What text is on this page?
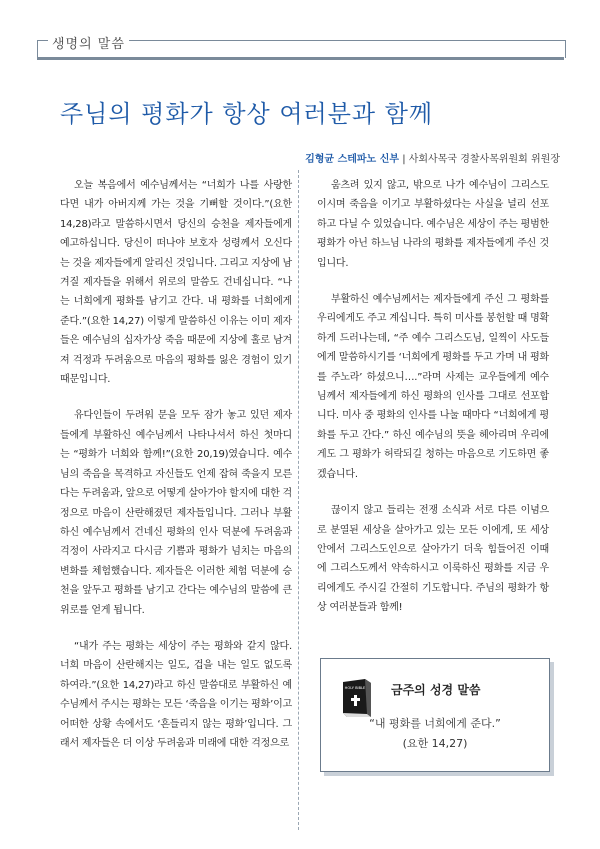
생명의 말씀
주님의 평화가 항상 여러분과 함께
김형균 스테파노 신부 | 사회사목국 경찰사목위원회 위원장

오늘 복음에서 예수님께서는 “너희가 나를 사랑한다면 내가 아버지께 가는 것을 기뻐할 것이다.”(요한 14,28)라고 말씀하시면서 당신의 승천을 제자들에게 예고하십니다. 당신이 떠나야 보호자 성령께서 오신다는 것을 제자들에게 알리신 것입니다. 그리고 지상에 남겨질 제자들을 위해서 위로의 말씀도 건네십니다. “나는 너희에게 평화를 남기고 간다. 내 평화를 너희에게 준다.”(요한 14,27) 이렇게 말씀하신 이유는 이미 제자들은 예수님의 십자가상 죽음 때문에 지상에 홀로 남겨져 걱정과 두려움으로 마음의 평화를 잃은 경험이 있기 때문입니다.

유다인들이 두려워 문을 모두 잠가 놓고 있던 제자들에게 부활하신 예수님께서 나타나셔서 하신 첫마디는 “평화가 너희와 함께!”(요한 20,19)였습니다. 예수님의 죽음을 목격하고 자신들도 언제 잡혀 죽을지 모른다는 두려움과, 앞으로 어떻게 살아가야 할지에 대한 걱정으로 마음이 산란해졌던 제자들입니다. 그러나 부활하신 예수님께서 건네신 평화의 인사 덕분에 두려움과 걱정이 사라지고 다시금 기쁨과 평화가 넘치는 마음의 변화를 체험했습니다. 제자들은 이러한 체험 덕분에 승천을 앞두고 평화를 남기고 간다는 예수님의 말씀에 큰 위로를 얻게 됩니다.

“내가 주는 평화는 세상이 주는 평화와 같지 않다. 너희 마음이 산란해지는 일도, 겁을 내는 일도 없도록 하여라.”(요한 14,27)라고 하신 말씀대로 부활하신 예수님께서 주시는 평화는 모든 ‘죽음을 이기는 평화’이고 어떠한 상황 속에서도 ‘흔들리지 않는 평화’입니다. 그래서 제자들은 더 이상 두려움과 미래에 대한 걱정으로

움츠려 있지 않고, 밖으로 나가 예수님이 그리스도이시며 죽음을 이기고 부활하셨다는 사실을 널리 선포하고 다닐 수 있었습니다. 예수님은 세상이 주는 평범한 평화가 아닌 하느님 나라의 평화를 제자들에게 주신 것입니다.

부활하신 예수님께서는 제자들에게 주신 그 평화를 우리에게도 주고 계십니다. 특히 미사를 봉헌할 때 명확하게 드러나는데, “주 예수 그리스도님, 일찍이 사도들에게 말씀하시기를 ‘너희에게 평화를 두고 가며 내 평화를 주노라’ 하셨으니….”라며 사제는 교우들에게 예수님께서 제자들에게 하신 평화의 인사를 그대로 선포합니다. 미사 중 평화의 인사를 나눌 때마다 “너희에게 평화를 두고 간다.” 하신 예수님의 뜻을 헤아리며 우리에게도 그 평화가 허락되길 청하는 마음으로 기도하면 좋겠습니다.

끊이지 않고 들리는 전쟁 소식과 서로 다른 이념으로 분열된 세상을 살아가고 있는 모든 이에게, 또 세상 안에서 그리스도인으로 살아가기 더욱 힘들어진 이때에 그리스도께서 약속하시고 이룩하신 평화를 지금 우리에게도 주시길 간절히 기도합니다. 주님의 평화가 항상 여러분들과 함께!

HOLY BIBLE 금주의 성경 말씀
“내 평화를 너희에게 준다.”
(요한 14,27)
